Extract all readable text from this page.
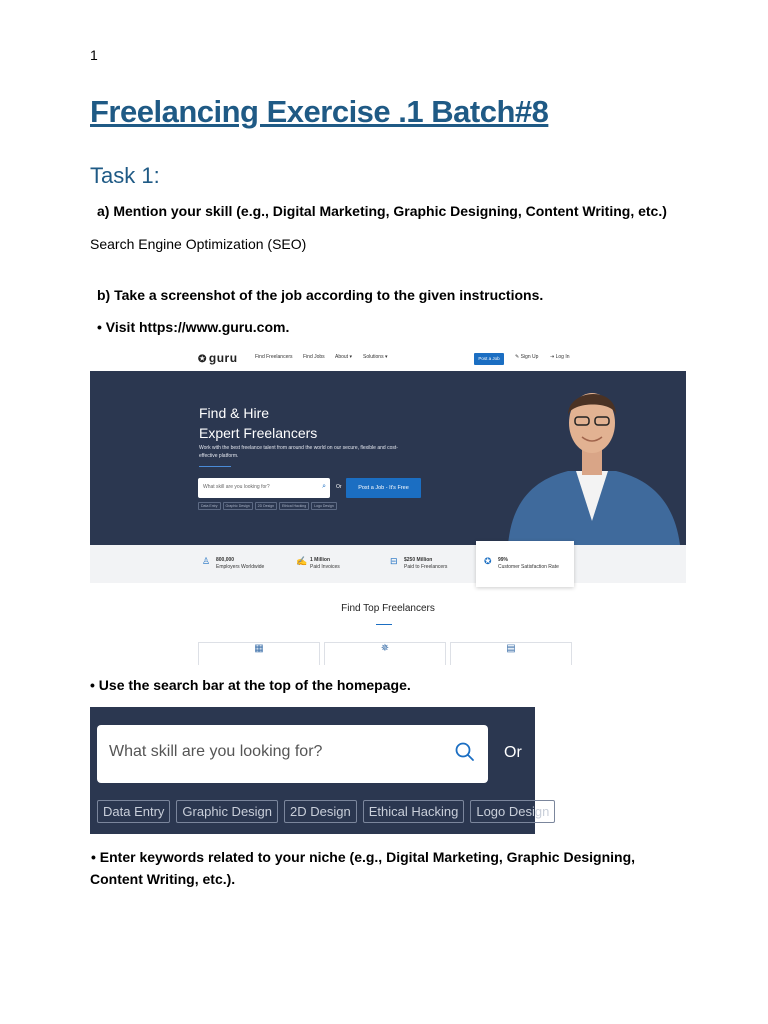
1
Freelancing Exercise .1 Batch#8
Task 1:
a) Mention your skill (e.g., Digital Marketing, Graphic Designing, Content Writing, etc.)
Search Engine Optimization (SEO)
b) Take a screenshot of the job according to the given instructions.
• Visit https://www.guru.com.
✪ guru	Find Freelancers Find Jobs About ▾ Solutions ▾	Post a Job	✎ Sign Up ⇥ Log In
Find & Hire
Expert Freelancers
Work with the best freelance talent from around the world on our secure, flexible and cost-effective platform.
What skill are you looking for?	⌕ Or	Post a Job - It's Free
Data Entry	Graphic Design	2D Design	Ethical Hacking	Logo Design
♙ 800,000
Employers Worldwide
✍ 1 Million
Paid Invoices
⊟ $250 Million
Paid to Freelancers
✪ 99%
Customer Satisfaction Rate
Find Top Freelancers
▦	✵	▤
• Use the search bar at the top of the homepage.
What skill are you looking for?	Or
Data Entry	Graphic Design	2D Design	Ethical Hacking	Logo Design
• Enter keywords related to your niche (e.g., Digital Marketing, Graphic Designing,
Content Writing, etc.).
